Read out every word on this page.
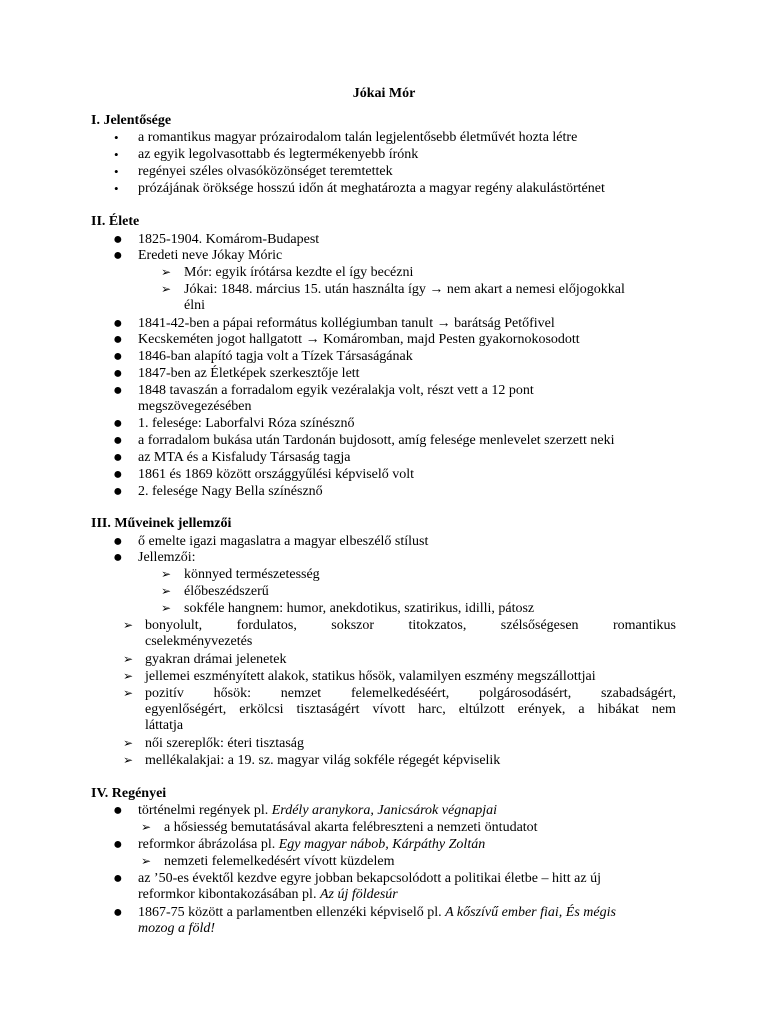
Jókai Mór
I. Jelentősége
• a romantikus magyar prózairodalom talán legjelentősebb életművét hozta létre
• az egyik legolvasottabb és legtermékenyebb írónk
• regényei széles olvasóközönséget teremtettek
• prózájának öröksége hosszú időn át meghatározta a magyar regény alakulástörténet
II. Élete
● 1825-1904. Komárom-Budapest
● Eredeti neve Jókay Móric
➢ Mór: egyik írótársa kezdte el így becézni
➢ Jókai: 1848. március 15. után használta így → nem akart a nemesi előjogokkal
élni
● 1841-42-ben a pápai református kollégiumban tanult → barátság Petőfivel
● Kecskeméten jogot hallgatott → Komáromban, majd Pesten gyakornokosodott
● 1846-ban alapító tagja volt a Tízek Társaságának
● 1847-ben az Életképek szerkesztője lett
● 1848 tavaszán a forradalom egyik vezéralakja volt, részt vett a 12 pont
megszövegezésében
● 1. felesége: Laborfalvi Róza színésznő
● a forradalom bukása után Tardonán bujdosott, amíg felesége menlevelet szerzett neki
● az MTA és a Kisfaludy Társaság tagja
● 1861 és 1869 között országgyűlési képviselő volt
● 2. felesége Nagy Bella színésznő
III. Műveinek jellemzői
● ő emelte igazi magaslatra a magyar elbeszélő stílust
● Jellemzői:
➢ könnyed természetesség
➢ élőbeszédszerű
➢ sokféle hangnem: humor, anekdotikus, szatirikus, idilli, pátosz
➢ bonyolult, fordulatos, sokszor titokzatos, szélsőségesen romantikus
cselekményvezetés
➢ gyakran drámai jelenetek
➢ jellemei eszményített alakok, statikus hősök, valamilyen eszmény megszállottjai
➢ pozitív hősök: nemzet felemelkedéséért, polgárosodásért, szabadságért,
egyenlőségért, erkölcsi tisztaságért vívott harc, eltúlzott erények, a hibákat nem
láttatja
➢ női szereplők: éteri tisztaság
➢ mellékalakjai: a 19. sz. magyar világ sokféle régegét képviselik
IV. Regényei
● történelmi regények pl. Erdély aranykora, Janicsárok végnapjai
➢ a hősiesség bemutatásával akarta felébreszteni a nemzeti öntudatot
● reformkor ábrázolása pl. Egy magyar nábob, Kárpáthy Zoltán
➢ nemzeti felemelkedésért vívott küzdelem
● az ’50-es évektől kezdve egyre jobban bekapcsolódott a politikai életbe – hitt az új
reformkor kibontakozásában pl. Az új földesúr
● 1867-75 között a parlamentben ellenzéki képviselő pl. A kőszívű ember fiai, És mégis
mozog a föld!
